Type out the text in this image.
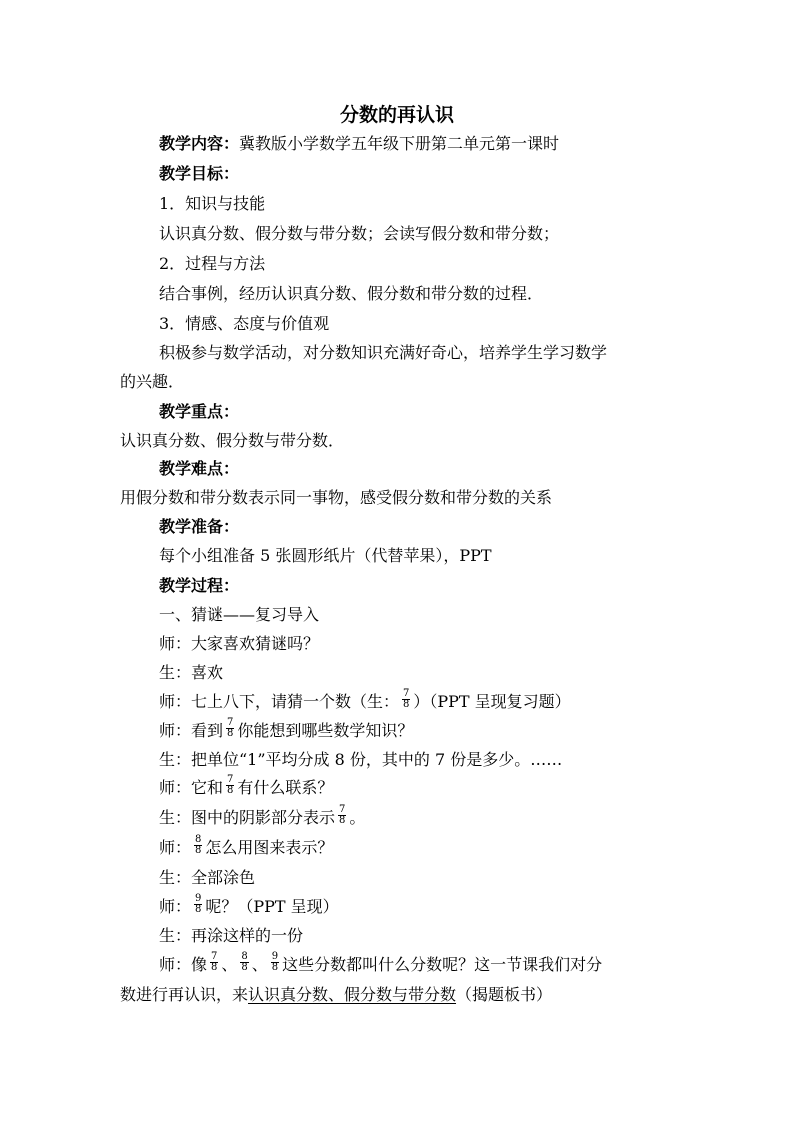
分数的再认识
教学内容：冀教版小学数学五年级下册第二单元第一课时
教学目标：
1．知识与技能
认识真分数、假分数与带分数；会读写假分数和带分数；
2．过程与方法
结合事例，经历认识真分数、假分数和带分数的过程．
3．情感、态度与价值观
积极参与数学活动，对分数知识充满好奇心，培养学生学习数学
的兴趣．
教学重点：
认识真分数、假分数与带分数．
教学难点：
用假分数和带分数表示同一事物，感受假分数和带分数的关系
教学准备：
每个小组准备 5 张圆形纸片（代替苹果），PPT
教学过程：
一、猜谜——复习导入
师：大家喜欢猜谜吗？
生：喜欢
师：七上八下，请猜一个数（生： $\frac{7}{8} )(PPT$ 呈现复习题）
师：看到 $\frac{7}{8}$ 你能想到哪些数学知识？
生：把单位“1”平均分成 8 份，其中的 7 份是多少。……
师：它和 $\frac{7}{8}$ 有什么联系？
生：图中的阴影部分表示 $\frac{7}{8}$ 。
师： $\frac{8}{8}$ 怎么用图来表示？
生：全部涂色
师： $\frac{9}{8}$ 呢？（PPT 呈现）
生：再涂这样的一份
师：像 $\frac{7}{8}$ 、 $\frac{8}{8}$ 、 $\frac{9}{8}$ 这些分数都叫什么分数呢？这一节课我们对分
数进行再认识，来认识真分数、假分数与带分数（揭题板书）
